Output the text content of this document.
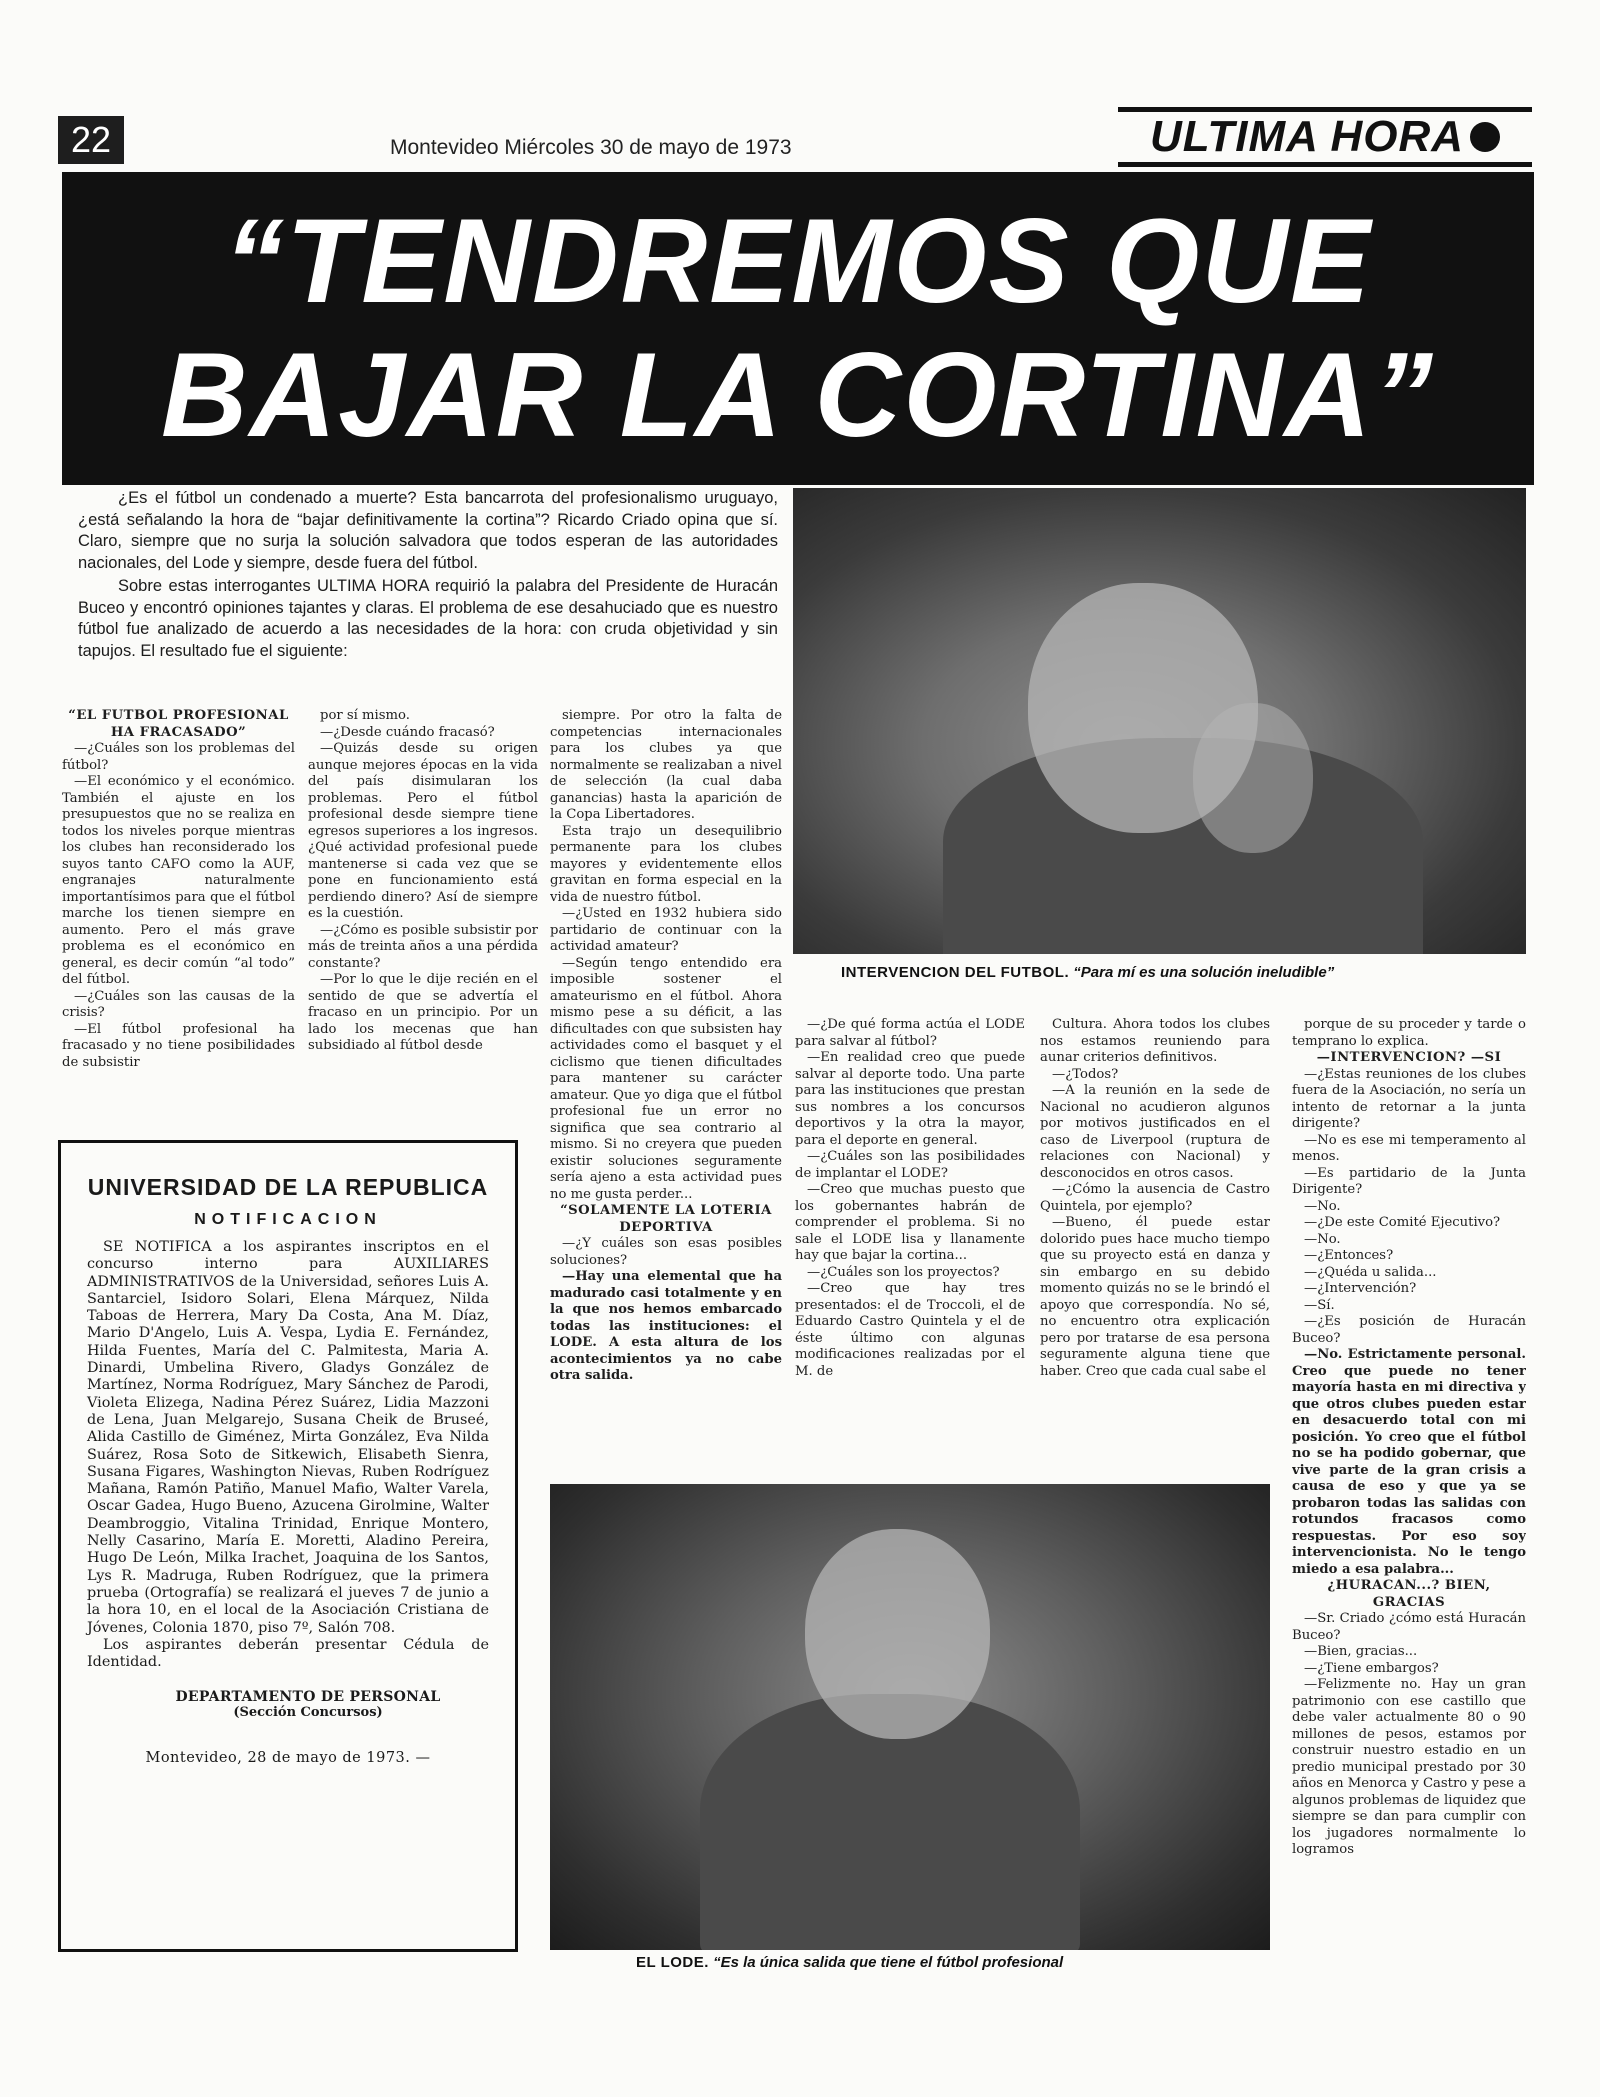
22	Montevideo Miércoles 30 de mayo de 1973	ULTIMA HORA
“TENDREMOS QUE BAJAR LA CORTINA”

¿Es el fútbol un condenado a muerte? Esta bancarrota del profesionalismo uruguayo, ¿está señalando la hora de “bajar definitivamente la cortina”? Ricardo Criado opina que sí. Claro, siempre que no surja la solución salvadora que todos esperan de las autoridades nacionales, del Lode y siempre, desde fuera del fútbol.

Sobre estas interrogantes ULTIMA HORA requirió la palabra del Presidente de Huracán Buceo y encontró opiniones tajantes y claras. El problema de ese desahuciado que es nuestro fútbol fue analizado de acuerdo a las necesidades de la hora: con cruda objetividad y sin tapujos. El resultado fue el siguiente:

INTERVENCION DEL FUTBOL. “Para mí es una solución ineludible”

“EL FUTBOL PROFESIONAL HA FRACASADO”

—¿Cuáles son los problemas del fútbol?

—El económico y el económico. También el ajuste en los presupuestos que no se realiza en todos los niveles porque mientras los clubes han reconsiderado los suyos tanto CAFO como la AUF, engranajes naturalmente importantísimos para que el fútbol marche los tienen siempre en aumento. Pero el más grave problema es el económico en general, es decir común “al todo” del fútbol.

—¿Cuáles son las causas de la crisis?

—El fútbol profesional ha fracasado y no tiene posibilidades de subsistir

por sí mismo.

—¿Desde cuándo fracasó?

—Quizás desde su origen aunque mejores épocas en la vida del país disimularan los problemas. Pero el fútbol profesional desde siempre tiene egresos superiores a los ingresos. ¿Qué actividad profesional puede mantenerse si cada vez que se pone en funcionamiento está perdiendo dinero? Así de siempre es la cuestión.

—¿Cómo es posible subsistir por más de treinta años a una pérdida constante?

—Por lo que le dije recién en el sentido de que se advertía el fracaso en un principio. Por un lado los mecenas que han subsidiado al fútbol desde

siempre. Por otro la falta de competencias internacionales para los clubes ya que normalmente se realizaban a nivel de selección (la cual daba ganancias) hasta la aparición de la Copa Libertadores.

Esta trajo un desequilibrio permanente para los clubes mayores y evidentemente ellos gravitan en forma especial en la vida de nuestro fútbol.

—¿Usted en 1932 hubiera sido partidario de continuar con la actividad amateur?

—Según tengo entendido era imposible sostener el amateurismo en el fútbol. Ahora mismo pese a su déficit, a las dificultades con que subsisten hay actividades como el basquet y el ciclismo que tienen dificultades para mantener su carácter amateur. Que yo diga que el fútbol profesional fue un error no significa que sea contrario al mismo. Si no creyera que pueden existir soluciones seguramente sería ajeno a esta actividad pues no me gusta perder...

“SOLAMENTE LA LOTERIA DEPORTIVA

—¿Y cuáles son esas posibles soluciones?

—Hay una elemental que ha madurado casi totalmente y en la que nos hemos embarcado todas las instituciones: el LODE. A esta altura de los acontecimientos ya no cabe otra salida.

—¿De qué forma actúa el LODE para salvar al fútbol?

—En realidad creo que puede salvar al deporte todo. Una parte para las instituciones que prestan sus nombres a los concursos deportivos y la otra la mayor, para el deporte en general.

—¿Cuáles son las posibilidades de implantar el LODE?

—Creo que muchas puesto que los gobernantes habrán de comprender el problema. Si no sale el LODE lisa y llanamente hay que bajar la cortina...

—¿Cuáles son los proyectos?

—Creo que hay tres presentados: el de Troccoli, el de Eduardo Castro Quintela y el de éste último con algunas modificaciones realizadas por el M. de

Cultura. Ahora todos los clubes nos estamos reuniendo para aunar criterios definitivos.

—¿Todos?

—A la reunión en la sede de Nacional no acudieron algunos por motivos justificados en el caso de Liverpool (ruptura de relaciones con Nacional) y desconocidos en otros casos.

—¿Cómo la ausencia de Castro Quintela, por ejemplo?

—Bueno, él puede estar dolorido pues hace mucho tiempo que su proyecto está en danza y sin embargo en su debido momento quizás no se le brindó el apoyo que correspondía. No sé, no encuentro otra explicación pero por tratarse de esa persona seguramente alguna tiene que haber. Creo que cada cual sabe el

porque de su proceder y tarde o temprano lo explica.

—INTERVENCION? —SI

—¿Estas reuniones de los clubes fuera de la Asociación, no sería un intento de retornar a la junta dirigente?

—No es ese mi temperamento al menos.

—Es partidario de la Junta Dirigente?

—No.

—¿De este Comité Ejecutivo?

—No.

—¿Entonces?

—¿Quéda u salida...

—¿Intervención?

—Sí.

—¿Es posición de Huracán Buceo?

—No. Estrictamente personal. Creo que puede no tener mayoría hasta en mi directiva y que otros clubes pueden estar en desacuerdo total con mi posición. Yo creo que el fútbol no se ha podido gobernar, que vive parte de la gran crisis a causa de eso y que ya se probaron todas las salidas con rotundos fracasos como respuestas. Por eso soy intervencionista. No le tengo miedo a esa palabra...

¿HURACAN...? BIEN, GRACIAS

—Sr. Criado ¿cómo está Huracán Buceo?

—Bien, gracias...

—¿Tiene embargos?

—Felizmente no. Hay un gran patrimonio con ese castillo que debe valer actualmente 80 o 90 millones de pesos, estamos por construir nuestro estadio en un predio municipal prestado por 30 años en Menorca y Castro y pese a algunos problemas de liquidez que siempre se dan para cumplir con los jugadores normalmente lo logramos

EL LODE. “Es la única salida que tiene el fútbol profesional

UNIVERSIDAD DE LA REPUBLICA

NOTIFICACION

SE NOTIFICA a los aspirantes inscriptos en el concurso interno para AUXILIARES ADMINISTRATIVOS de la Universidad, señores Luis A. Santarciel, Isidoro Solari, Elena Márquez, Nilda Taboas de Herrera, Mary Da Costa, Ana M. Díaz, Mario D'Angelo, Luis A. Vespa, Lydia E. Fernández, Hilda Fuentes, María del C. Palmitesta, Maria A. Dinardi, Umbelina Rivero, Gladys González de Martínez, Norma Rodríguez, Mary Sánchez de Parodi, Violeta Elizega, Nadina Pérez Suárez, Lidia Mazzoni de Lena, Juan Melgarejo, Susana Cheik de Bruseé, Alida Castillo de Giménez, Mirta González, Eva Nilda Suárez, Rosa Soto de Sitkewich, Elisabeth Sienra, Susana Figares, Washington Nievas, Ruben Rodríguez Mañana, Ramón Patiño, Manuel Mafio, Walter Varela, Oscar Gadea, Hugo Bueno, Azucena Girolmine, Walter Deambroggio, Vitalina Trinidad, Enrique Montero, Nelly Casarino, María E. Moretti, Aladino Pereira, Hugo De León, Milka Irachet, Joaquina de los Santos, Lys R. Madruga, Ruben Rodríguez, que la primera prueba (Ortografía) se realizará el jueves 7 de junio a la hora 10, en el local de la Asociación Cristiana de Jóvenes, Colonia 1870, piso 7º, Salón 708.

Los aspirantes deberán presentar Cédula de Identidad.

DEPARTAMENTO DE PERSONAL

(Sección Concursos)

Montevideo, 28 de mayo de 1973. —
